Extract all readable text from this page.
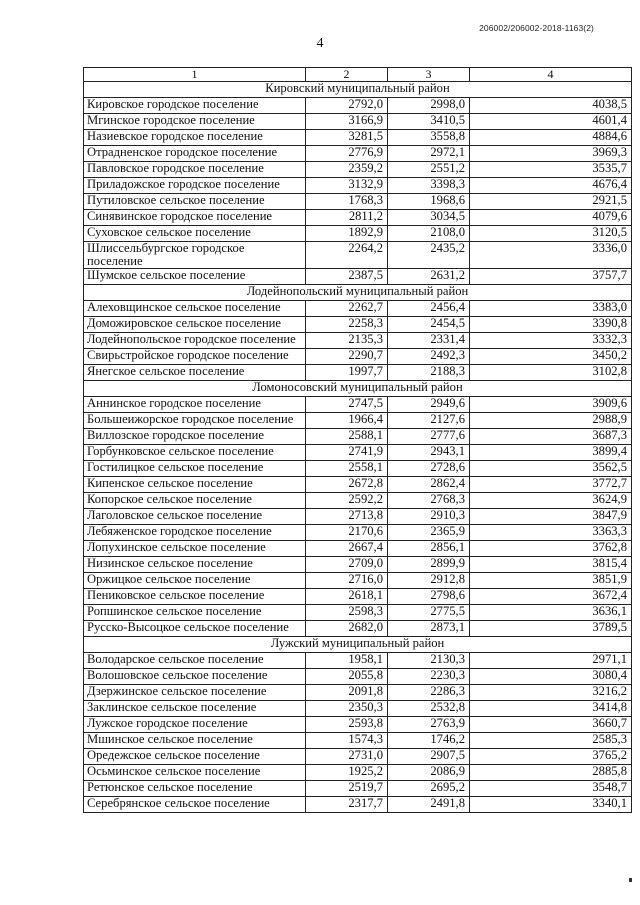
206002/206002-2018-1163(2)
4
1	2	3	4
Кировский муниципальный район			
Кировское городское поселение	2792,0	2998,0	4038,5
Мгинское городское поселение	3166,9	3410,5	4601,4
Назиевское городское поселение	3281,5	3558,8	4884,6
Отрадненское городское поселение	2776,9	2972,1	3969,3
Павловское городское поселение	2359,2	2551,2	3535,7
Приладожское городское поселение	3132,9	3398,3	4676,4
Путиловское сельское поселение	1768,3	1968,6	2921,5
Синявинское городское поселение	2811,2	3034,5	4079,6
Суховское сельское поселение	1892,9	2108,0	3120,5
Шлиссельбургское городское поселение	2264,2	2435,2	3336,0
Шумское сельское поселение	2387,5	2631,2	3757,7
Лодейнопольский муниципальный район			
Алеховщинское сельское поселение	2262,7	2456,4	3383,0
Доможировское сельское поселение	2258,3	2454,5	3390,8
Лодейнопольское городское поселение	2135,3	2331,4	3332,3
Свирьстройское городское поселение	2290,7	2492,3	3450,2
Янегское сельское поселение	1997,7	2188,3	3102,8
Ломоносовский муниципальный район			
Аннинское городское поселение	2747,5	2949,6	3909,6
Большеижорское городское поселение	1966,4	2127,6	2988,9
Виллозское городское поселение	2588,1	2777,6	3687,3
Горбунковское сельское поселение	2741,9	2943,1	3899,4
Гостилицкое сельское поселение	2558,1	2728,6	3562,5
Кипенское сельское поселение	2672,8	2862,4	3772,7
Копорское сельское поселение	2592,2	2768,3	3624,9
Лаголовское сельское поселение	2713,8	2910,3	3847,9
Лебяженское городское поселение	2170,6	2365,9	3363,3
Лопухинское сельское поселение	2667,4	2856,1	3762,8
Низинское сельское поселение	2709,0	2899,9	3815,4
Оржицкое сельское поселение	2716,0	2912,8	3851,9
Пениковское сельское поселение	2618,1	2798,6	3672,4
Ропшинское сельское поселение	2598,3	2775,5	3636,1
Русско-Высоцкое сельское поселение	2682,0	2873,1	3789,5
Лужский муниципальный район			
Володарское сельское поселение	1958,1	2130,3	2971,1
Волошовское сельское поселение	2055,8	2230,3	3080,4
Дзержинское сельское поселение	2091,8	2286,3	3216,2
Заклинское сельское поселение	2350,3	2532,8	3414,8
Лужское городское поселение	2593,8	2763,9	3660,7
Мшинское сельское поселение	1574,3	1746,2	2585,3
Оредежское сельское поселение	2731,0	2907,5	3765,2
Осьминское сельское поселение	1925,2	2086,9	2885,8
Ретюнское сельское поселение	2519,7	2695,2	3548,7
Серебрянское сельское поселение	2317,7	2491,8	3340,1
